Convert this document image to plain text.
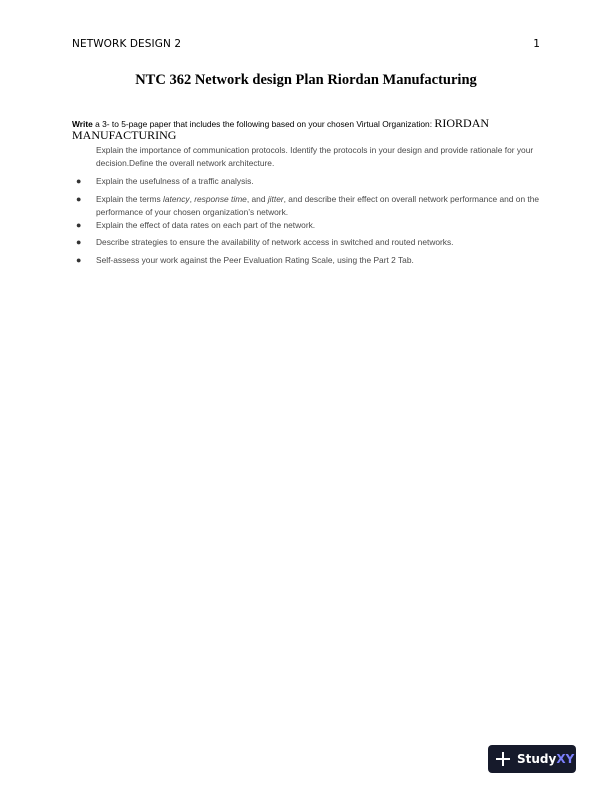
NETWORK DESIGN 2	1
NTC 362 Network design Plan Riordan Manufacturing
Write a 3- to 5-page paper that includes the following based on your chosen Virtual Organization: RIORDAN MANUFACTURING
Explain the importance of communication protocols. Identify the protocols in your design and provide rationale for your decision.Define the overall network architecture.
● Explain the usefulness of a traffic analysis.
● Explain the terms latency, response time, and jitter, and describe their effect on overall network performance and on the performance of your chosen organization’s network.
● Explain the effect of data rates on each part of the network.
● Describe strategies to ensure the availability of network access in switched and routed networks.
● Self-assess your work against the Peer Evaluation Rating Scale, using the Part 2 Tab.
StudyXY
